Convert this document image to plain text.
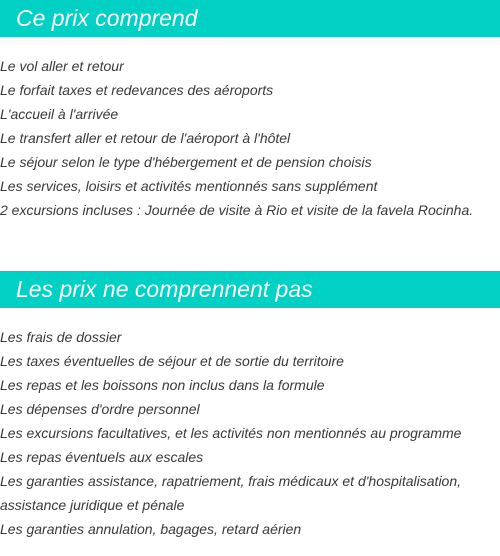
Ce prix comprend
Le vol aller et retour
Le forfait taxes et redevances des aéroports
L'accueil à l'arrivée
Le transfert aller et retour de l'aéroport à l'hôtel
Le séjour selon le type d'hébergement et de pension choisis
Les services, loisirs et activités mentionnés sans supplément
2 excursions incluses : Journée de visite à Rio et visite de la favela Rocinha.
Les prix ne comprennent pas
Les frais de dossier
Les taxes éventuelles de séjour et de sortie du territoire
Les repas et les boissons non inclus dans la formule
Les dépenses d'ordre personnel
Les excursions facultatives, et les activités non mentionnés au programme
Les repas éventuels aux escales
Les garanties assistance, rapatriement, frais médicaux et d'hospitalisation,
assistance juridique et pénale
Les garanties annulation, bagages, retard aérien
